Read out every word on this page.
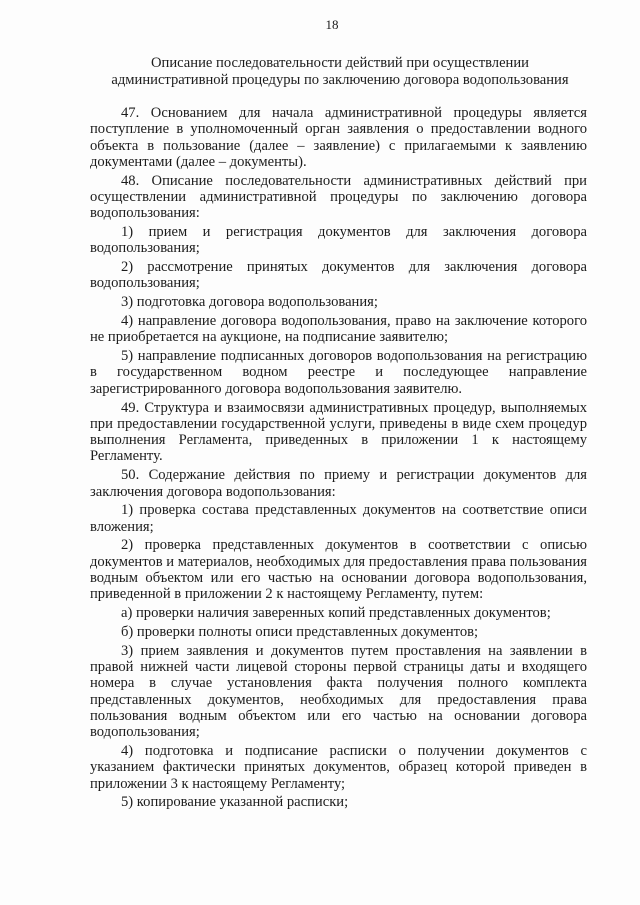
18
Описание последовательности действий при осуществлении
административной процедуры по заключению договора водопользования

47. Основанием для начала административной процедуры является поступление в уполномоченный орган заявления о предоставлении водного объекта в пользование (далее – заявление) с прилагаемыми к заявлению документами (далее – документы).

48. Описание последовательности административных действий при осуществлении административной процедуры по заключению договора водопользования:

1) прием и регистрация документов для заключения договора водопользования;

2) рассмотрение принятых документов для заключения договора водопользования;

3) подготовка договора водопользования;

4) направление договора водопользования, право на заключение которого не приобретается на аукционе, на подписание заявителю;

5) направление подписанных договоров водопользования на регистрацию в государственном водном реестре и последующее направление зарегистрированного договора водопользования заявителю.

49. Структура и взаимосвязи административных процедур, выполняемых при предоставлении государственной услуги, приведены в виде схем процедур выполнения Регламента, приведенных в приложении 1 к настоящему Регламенту.

50. Содержание действия по приему и регистрации документов для заключения договора водопользования:

1) проверка состава представленных документов на соответствие описи вложения;

2) проверка представленных документов в соответствии с описью документов и материалов, необходимых для предоставления права пользования водным объектом или его частью на основании договора водопользования, приведенной в приложении 2 к настоящему Регламенту, путем:

а) проверки наличия заверенных копий представленных документов;

б) проверки полноты описи представленных документов;

3) прием заявления и документов путем проставления на заявлении в правой нижней части лицевой стороны первой страницы даты и входящего номера в случае установления факта получения полного комплекта представленных документов, необходимых для предоставления права пользования водным объектом или его частью на основании договора водопользования;

4) подготовка и подписание расписки о получении документов с указанием фактически принятых документов, образец которой приведен в приложении 3 к настоящему Регламенту;

5) копирование указанной расписки;
